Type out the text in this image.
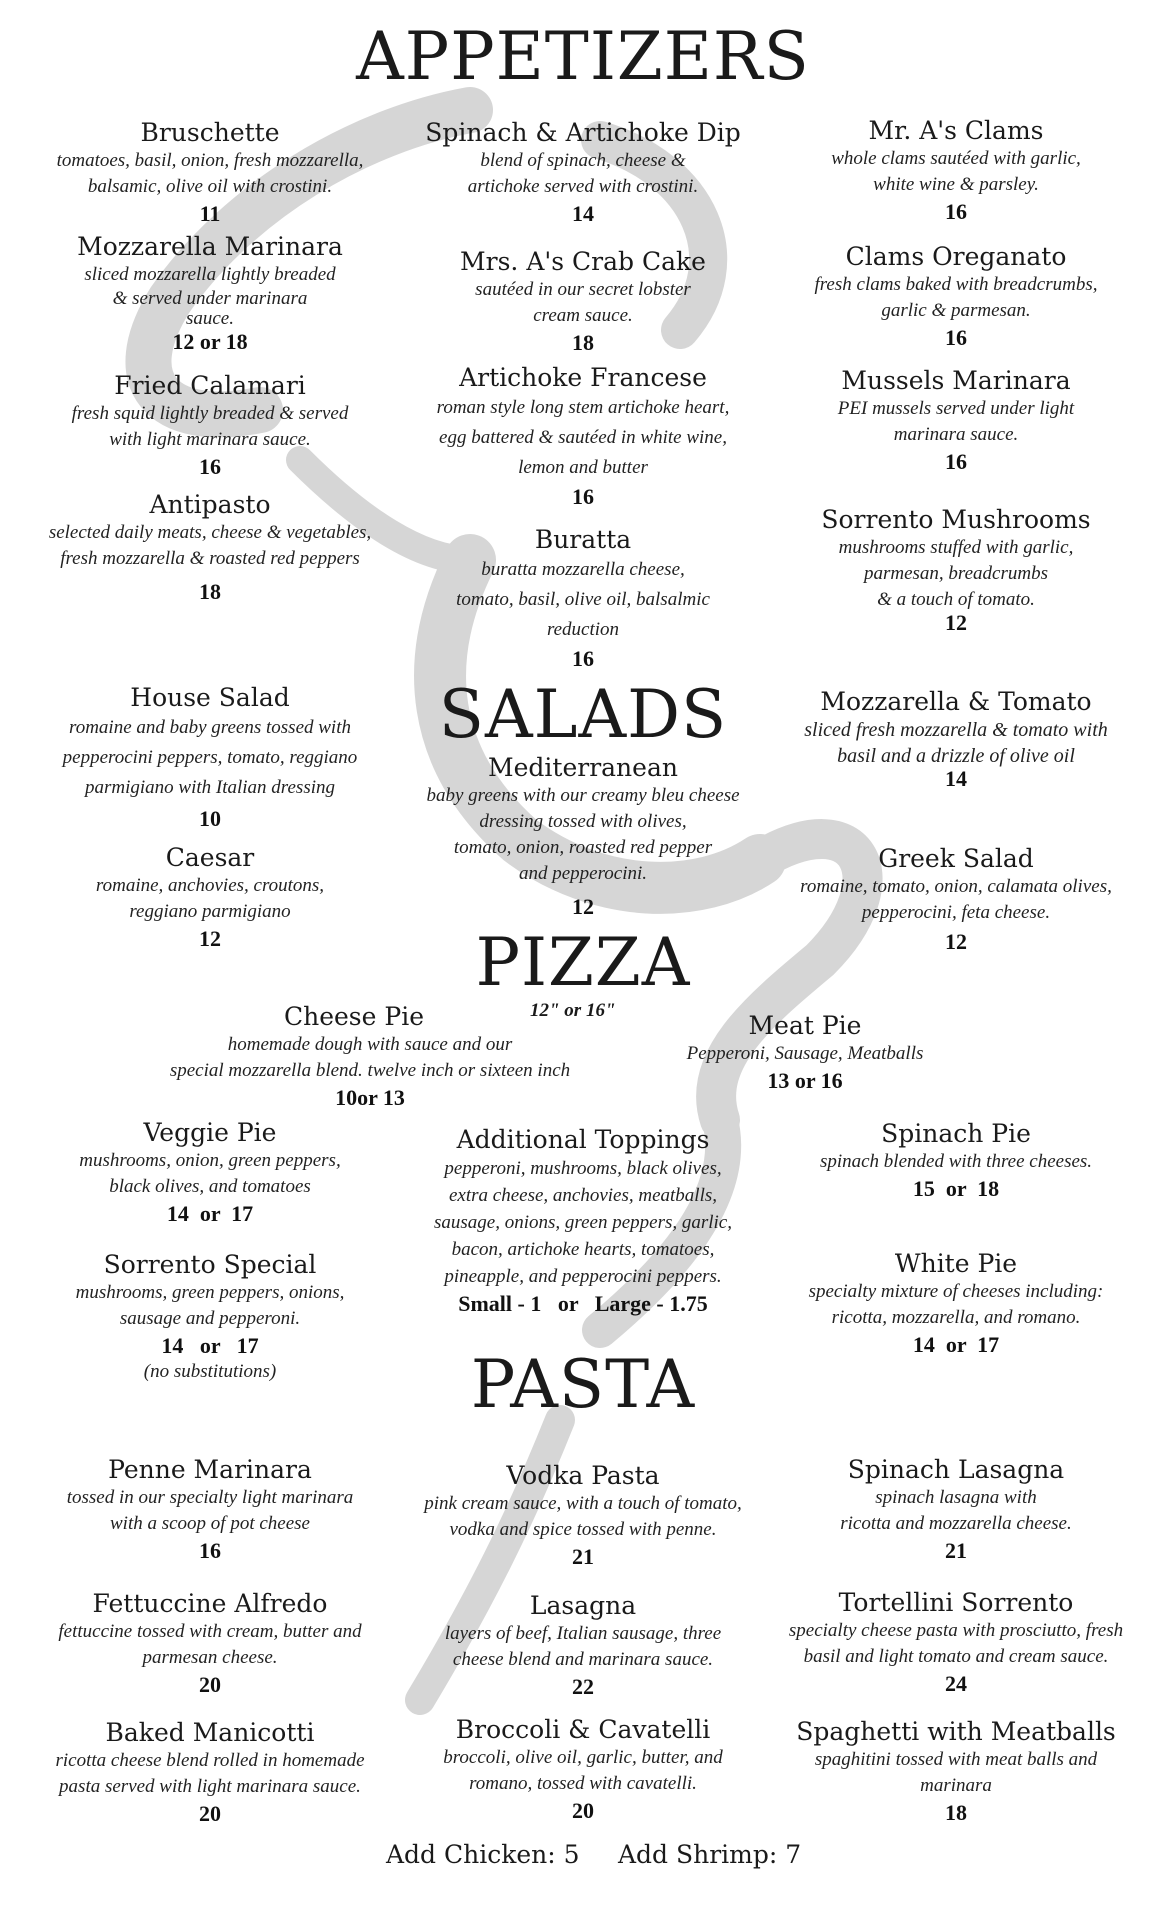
APPETIZERS
SALADS
PIZZA
12" or 16"
PASTA
Bruschette
tomatoes, basil, onion, fresh mozzarella,
balsamic, olive oil with crostini.
11
Mozzarella Marinara
sliced mozzarella lightly breaded
& served under marinara
sauce.
12 or 18
Fried Calamari
fresh squid lightly breaded & served
with light marinara sauce.
16
Antipasto
selected daily meats, cheese & vegetables,
fresh mozzarella & roasted red peppers
18
Spinach & Artichoke Dip
blend of spinach, cheese &
artichoke served with crostini.
14
Mrs. A's Crab Cake
sautéed in our secret lobster
cream sauce.
18
Artichoke Francese
roman style long stem artichoke heart,
egg battered & sautéed in white wine,
lemon and butter
16
Buratta
buratta mozzarella cheese,
tomato, basil, olive oil, balsalmic
reduction
16
Mr. A's Clams
whole clams sautéed with garlic,
white wine & parsley.
16
Clams Oreganato
fresh clams baked with breadcrumbs,
garlic & parmesan.
16
Mussels Marinara
PEI mussels served under light
marinara sauce.
16
Sorrento Mushrooms
mushrooms stuffed with garlic,
parmesan, breadcrumbs
& a touch of tomato.
12
House Salad
romaine and baby greens tossed with
pepperocini peppers, tomato, reggiano
parmigiano with Italian dressing
10
Caesar
romaine, anchovies, croutons,
reggiano parmigiano
12
Mediterranean
baby greens with our creamy bleu cheese
dressing tossed with olives,
tomato, onion, roasted red pepper
and pepperocini.
12
Mozzarella & Tomato
sliced fresh mozzarella & tomato with
basil and a drizzle of olive oil
14
Greek Salad
romaine, tomato, onion, calamata olives,
pepperocini, feta cheese.
12
Cheese Pie
homemade dough with sauce and our
special mozzarella blend. twelve inch or sixteen inch
10or 13
Meat Pie
Pepperoni, Sausage, Meatballs
13 or 16
Veggie Pie
mushrooms, onion, green peppers,
black olives, and tomatoes
14  or  17
Sorrento Special
mushrooms, green peppers, onions,
sausage and pepperoni.
14   or   17
(no substitutions)
Additional Toppings
pepperoni, mushrooms, black olives,
extra cheese, anchovies, meatballs,
sausage, onions, green peppers, garlic,
bacon, artichoke hearts, tomatoes,
pineapple, and pepperocini peppers.
Small - 1   or   Large - 1.75
Spinach Pie
spinach blended with three cheeses.
15  or  18
White Pie
specialty mixture of cheeses including:
ricotta, mozzarella, and romano.
14  or  17
Penne Marinara
tossed in our specialty light marinara
with a scoop of pot cheese
16
Fettuccine Alfredo
fettuccine tossed with cream, butter and
parmesan cheese.
20
Baked Manicotti
ricotta cheese blend rolled in homemade
pasta served with light marinara sauce.
20
Vodka Pasta
pink cream sauce, with a touch of tomato,
vodka and spice tossed with penne.
21
Lasagna
layers of beef, Italian sausage, three
cheese blend and marinara sauce.
22
Broccoli & Cavatelli
broccoli, olive oil, garlic, butter, and
romano, tossed with cavatelli.
20
Spinach Lasagna
spinach lasagna with
ricotta and mozzarella cheese.
21
Tortellini Sorrento
specialty cheese pasta with prosciutto, fresh
basil and light tomato and cream sauce.
24
Spaghetti with Meatballs
spaghitini tossed with meat balls and
marinara
18
Add Chicken: 5 Add Shrimp: 7
